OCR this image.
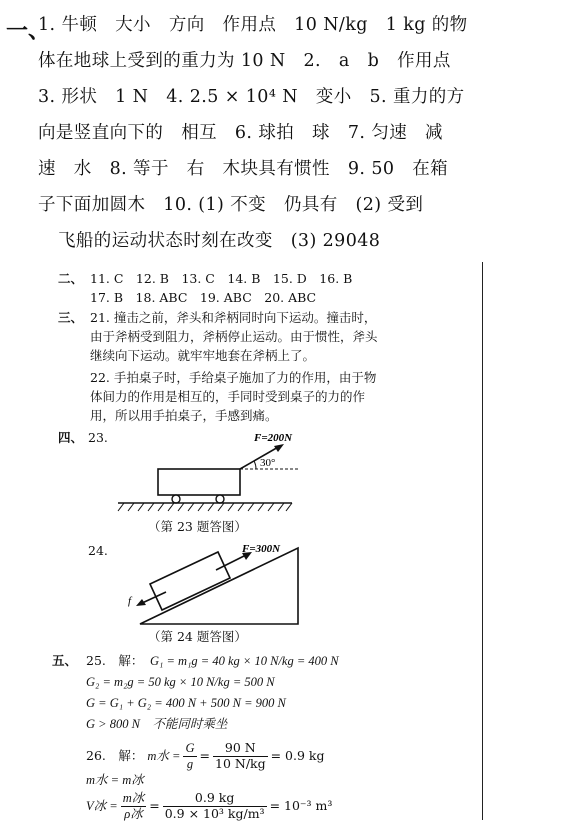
一、
1. 牛顿　大小　方向　作用点　10 N/kg　1 kg 的物
体在地球上受到的重力为 10 N　2.　a　b　作用点
3. 形状　1 N　4. 2.5 × 10⁴ N　变小　5. 重力的方
向是竖直向下的　相互　6. 球拍　球　7. 匀速　减
速　水　8. 等于　右　木块具有惯性　9. 50　在箱
子下面加圆木　10. (1) 不变　仍具有　(2) 受到
飞船的运动状态时刻在改变　(3) 29048
二、 11. C　12. B　13. C　14. B　15. D　16. B
17. B　18. ABC　19. ABC　20. ABC
三、 21. 撞击之前，斧头和斧柄同时向下运动。撞击时，
由于斧柄受到阻力，斧柄停止运动。由于惯性，斧头
继续向下运动。就牢牢地套在斧柄上了。
22. 手拍桌子时，手给桌子施加了力的作用，由于物
体间力的作用是相互的，手同时受到桌子的力的作
用，所以用手拍桌子，手感到痛。
四、 23.
30°
F=200N
（第 23 题答图）
24.	F=300N
f
（第 24 题答图）
五、 25.　解： G₁ = m₁g = 40 kg × 10 N/kg = 400 N
G₂ = m₂g = 50 kg × 10 N/kg = 500 N
G = G₁ + G₂ = 400 N + 500 N = 900 N
G > 800 N　不能同时乘坐
26.　解： m水 = $\frac{G}{g} = \frac{90 N}{10 N/kg} = 0.9$ kg
m水 = m冰
V冰 = $\frac{\text{m冰}}{\text{ρ冰}} = \frac{0.9 kg}{\text{0.9 × 10³ kg/m³}} = 10^{-3}$ m³
